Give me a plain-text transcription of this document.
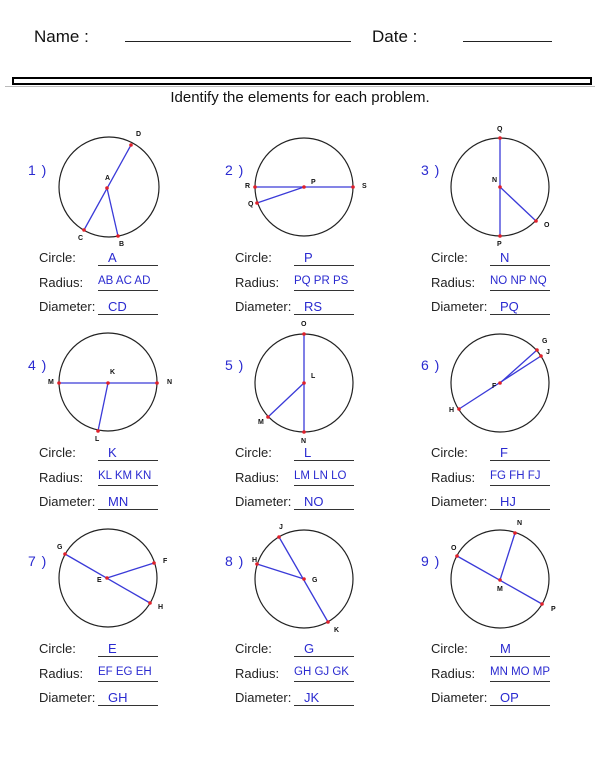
Name :	Date :
Identify the elements for each problem.
1 )
A
D
C
B
Circle:	A
Radius: AB AC AD
Diameter: CD
2 )
P
R	S
Q
Circle:	P
Radius: PQ PR PS
Diameter: RS
3 )
N
Q
P
O
Circle:	N
Radius: NO NP NQ
Diameter: PQ
4 )	K
M	N
L
Circle:	K
Radius: KL KM KN
Diameter: MN
5 )
L
O
N
M
Circle:	L
Radius: LM LN LO
Diameter: NO
6 )
F
J
H
G
Circle:	F
Radius: FG FH FJ
Diameter: HJ
7 )
E
G
H
F
Circle:	E
Radius: EF EG EH
Diameter: GH
8 )
G
J
K
H
Circle:	G
Radius: GH GJ GK
Diameter: JK
9 )
M
O
P
N
Circle:	M
Radius: MN MO MP
Diameter: OP
